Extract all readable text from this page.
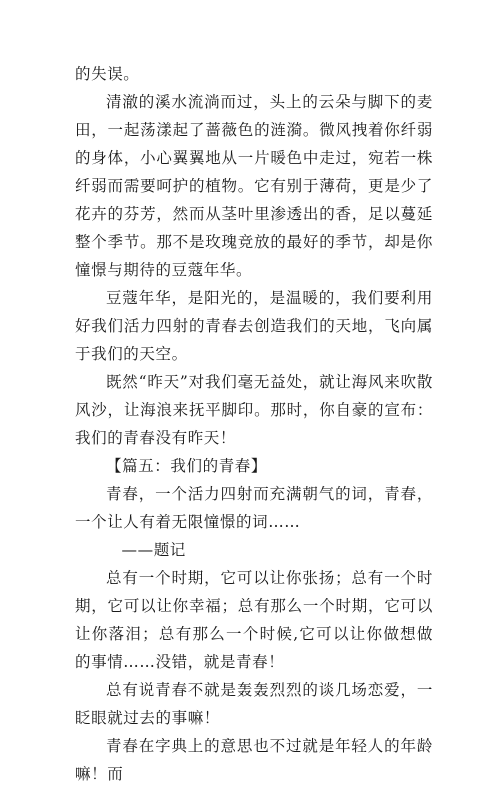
的失误。

清澈的溪水流淌而过，头上的云朵与脚下的麦田，一起荡漾起了蔷薇色的涟漪。微风拽着你纤弱的身体，小心翼翼地从一片暖色中走过，宛若一株纤弱而需要呵护的植物。它有别于薄荷，更是少了花卉的芬芳，然而从茎叶里渗透出的香，足以蔓延整个季节。那不是玫瑰竞放的最好的季节，却是你憧憬与期待的豆蔻年华。

豆蔻年华，是阳光的，是温暖的，我们要利用好我们活力四射的青春去创造我们的天地，飞向属于我们的天空。

既然“昨天”对我们毫无益处，就让海风来吹散风沙，让海浪来抚平脚印。那时，你自豪的宣布：我们的青春没有昨天！

【篇五：我们的青春】

青春，一个活力四射而充满朝气的词，青春，一个让人有着无限憧憬的词……

——题记

总有一个时期，它可以让你张扬；总有一个时期，它可以让你幸福；总有那么一个时期，它可以让你落泪；总有那么一个时候,它可以让你做想做的事情……没错，就是青春！

总有说青春不就是轰轰烈烈的谈几场恋爱，一眨眼就过去的事嘛！

青春在字典上的意思也不过就是年轻人的年龄嘛！而
